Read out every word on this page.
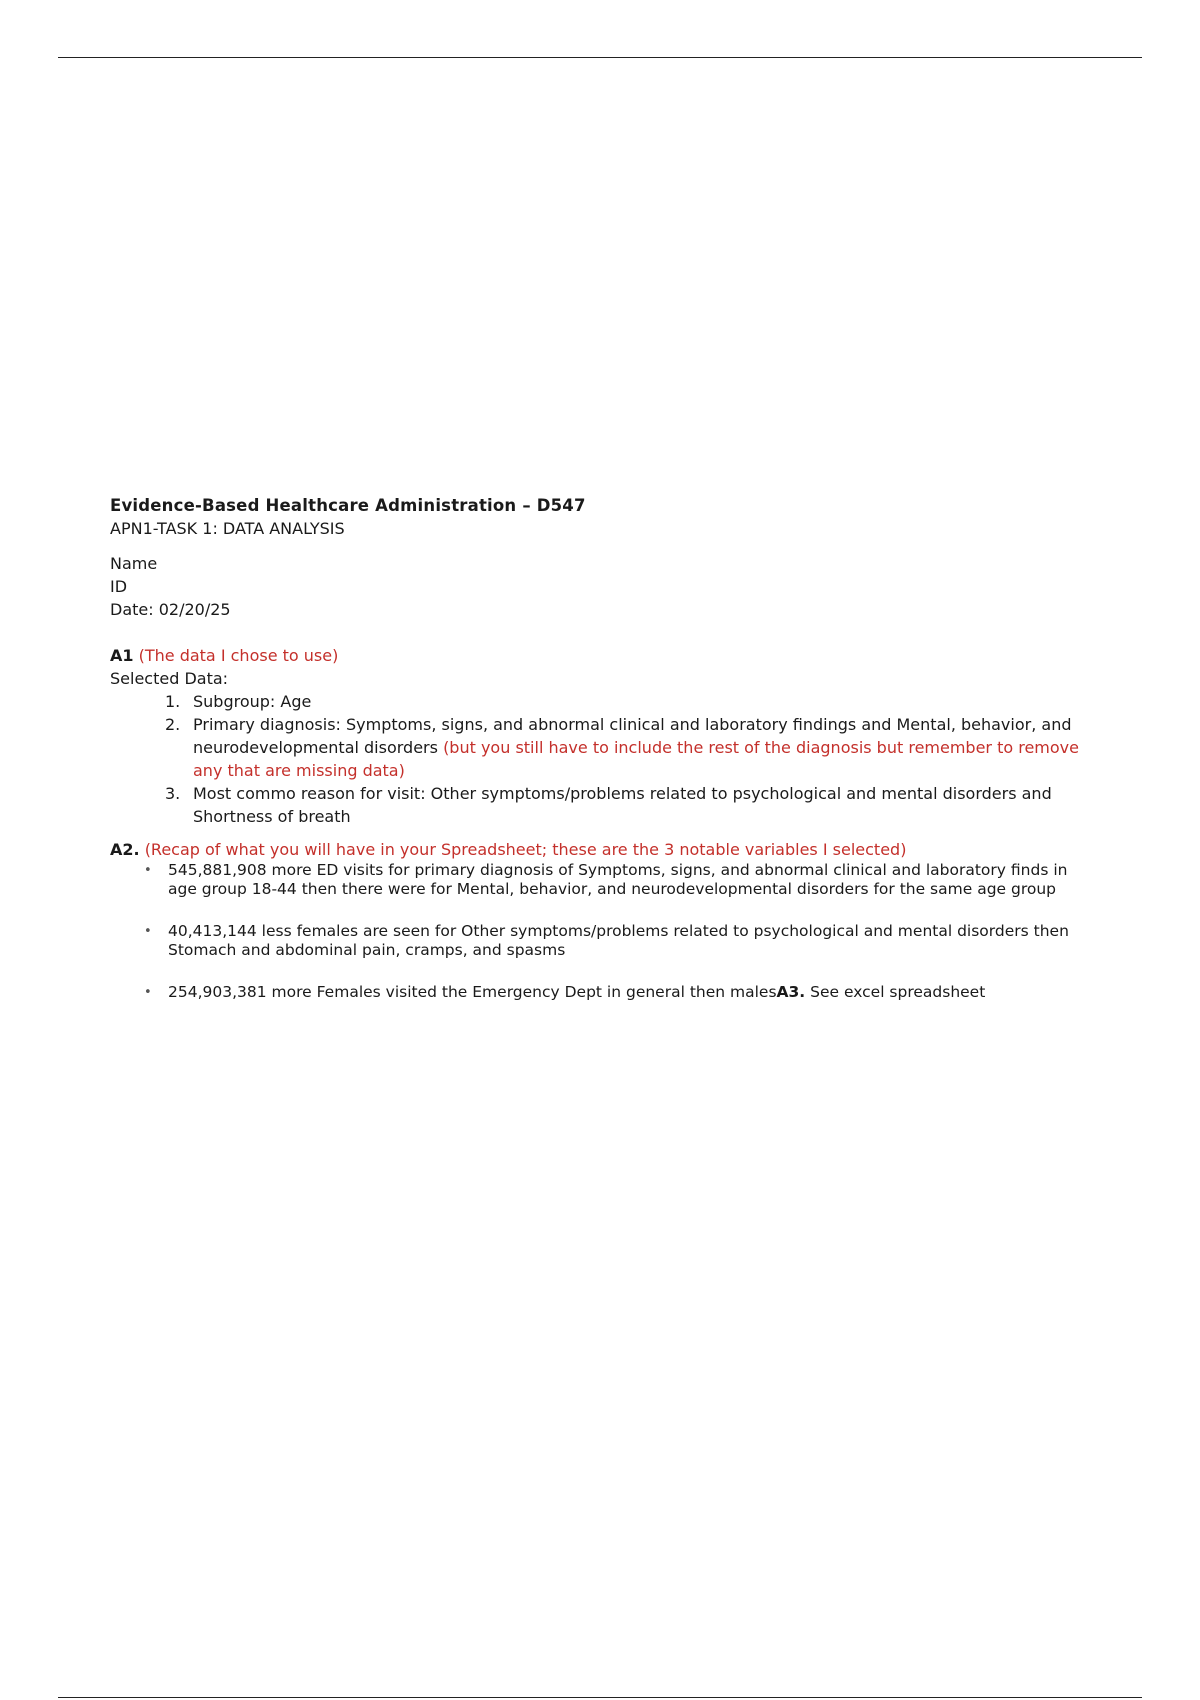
Evidence-Based Healthcare Administration – D547

APN1-TASK 1: DATA ANALYSIS

Name
ID
Date: 02/20/25
A1 (The data I chose to use)
Selected Data:
1. Subgroup: Age
2. Primary diagnosis: Symptoms, signs, and abnormal clinical and laboratory findings and Mental, behavior, and neurodevelopmental disorders (but you still have to include the rest of the diagnosis but remember to remove any that are missing data)
3. Most commo reason for visit: Other symptoms/problems related to psychological and mental disorders and Shortness of breath
A2. (Recap of what you will have in your Spreadsheet; these are the 3 notable variables I selected)
• 545,881,908 more ED visits for primary diagnosis of Symptoms, signs, and abnormal clinical and laboratory finds in age group 18-44 then there were for Mental, behavior, and neurodevelopmental disorders for the same age group
• 40,413,144 less females are seen for Other symptoms/problems related to psychological and mental disorders then Stomach and abdominal pain, cramps, and spasms
• 254,903,381 more Females visited the Emergency Dept in general then malesA3. See excel spreadsheet
